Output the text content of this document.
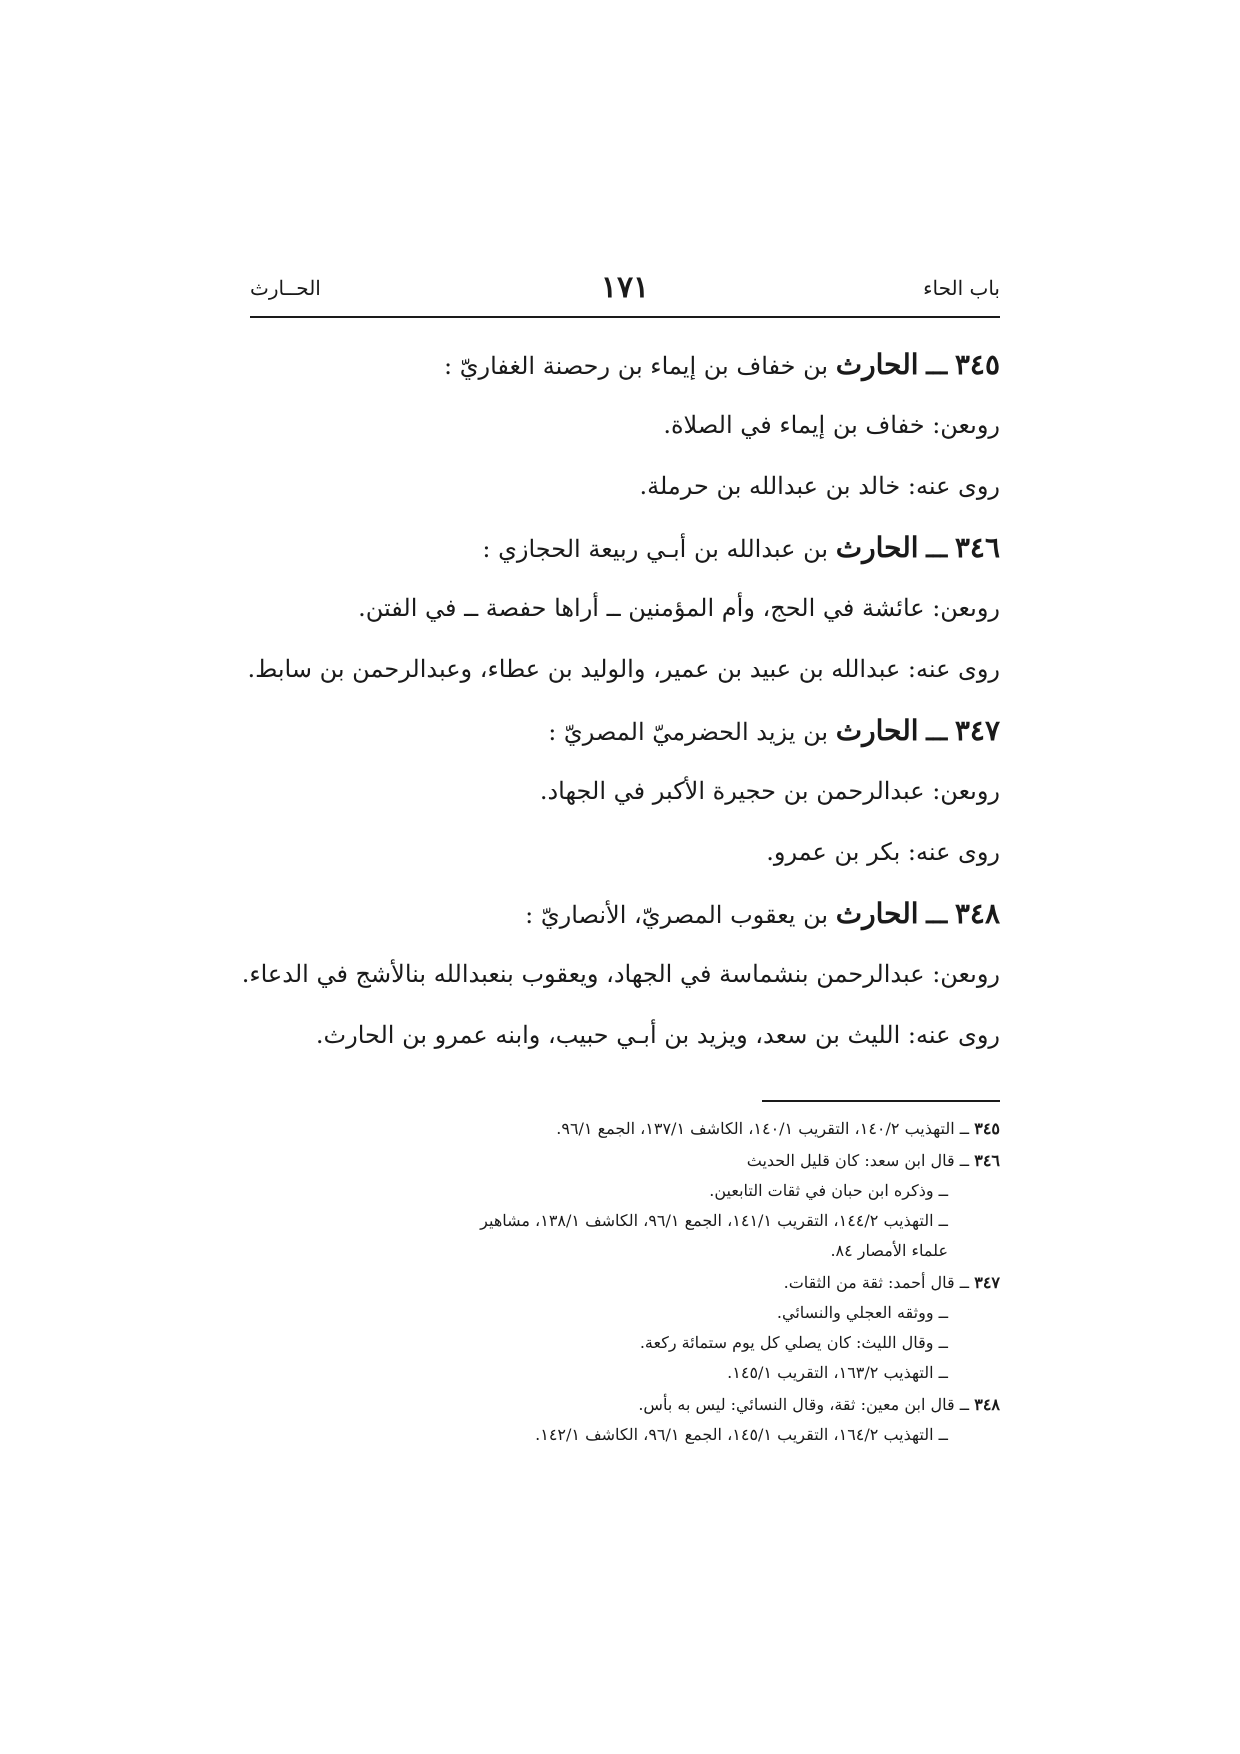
باب الحاء
١٧١
الحــارث
٣٤٥ ـــ الحارث بن خفاف بن إيماء بن رحصنة الغفاريّ :
روىعن: خفاف بن إيماء في الصلاة.
روى عنه: خالد بن عبدالله بن حرملة.
٣٤٦ ـــ الحارث بن عبدالله بن أبـي ربيعة الحجازي :
روىعن: عائشة في الحج، وأم المؤمنين ــ أراها حفصة ــ في الفتن.
روى عنه: عبدالله بن عبيد بن عمير، والوليد بن عطاء، وعبدالرحمن بن سابط.
٣٤٧ ـــ الحارث بن يزيد الحضرميّ المصريّ :
روىعن: عبدالرحمن بن حجيرة الأكبر في الجهاد.
روى عنه: بكر بن عمرو.
٣٤٨ ـــ الحارث بن يعقوب المصريّ، الأنصاريّ :
روىعن: عبدالرحمن بنشماسة في الجهاد، ويعقوب بنعبدالله بنالأشج في الدعاء.
روى عنه: الليث بن سعد، ويزيد بن أبـي حبيب، وابنه عمرو بن الحارث.
٣٤٥ ــ التهذيب ١٤٠/٢، التقريب ١٤٠/١، الكاشف ١٣٧/١، الجمع ٩٦/١.
٣٤٦ ــ قال ابن سعد: كان قليل الحديث
ــ وذكره ابن حبان في ثقات التابعين.
ــ التهذيب ١٤٤/٢، التقريب ١٤١/١، الجمع ٩٦/١، الكاشف ١٣٨/١، مشاهير
علماء الأمصار ٨٤.
٣٤٧ ــ قال أحمد: ثقة من الثقات.
ــ ووثقه العجلي والنسائي.
ــ وقال الليث: كان يصلي كل يوم ستمائة ركعة.
ــ التهذيب ١٦٣/٢، التقريب ١٤٥/١.
٣٤٨ ــ قال ابن معين: ثقة، وقال النسائي: ليس به بأس.
ــ التهذيب ١٦٤/٢، التقريب ١٤٥/١، الجمع ٩٦/١، الكاشف ١٤٢/١.
